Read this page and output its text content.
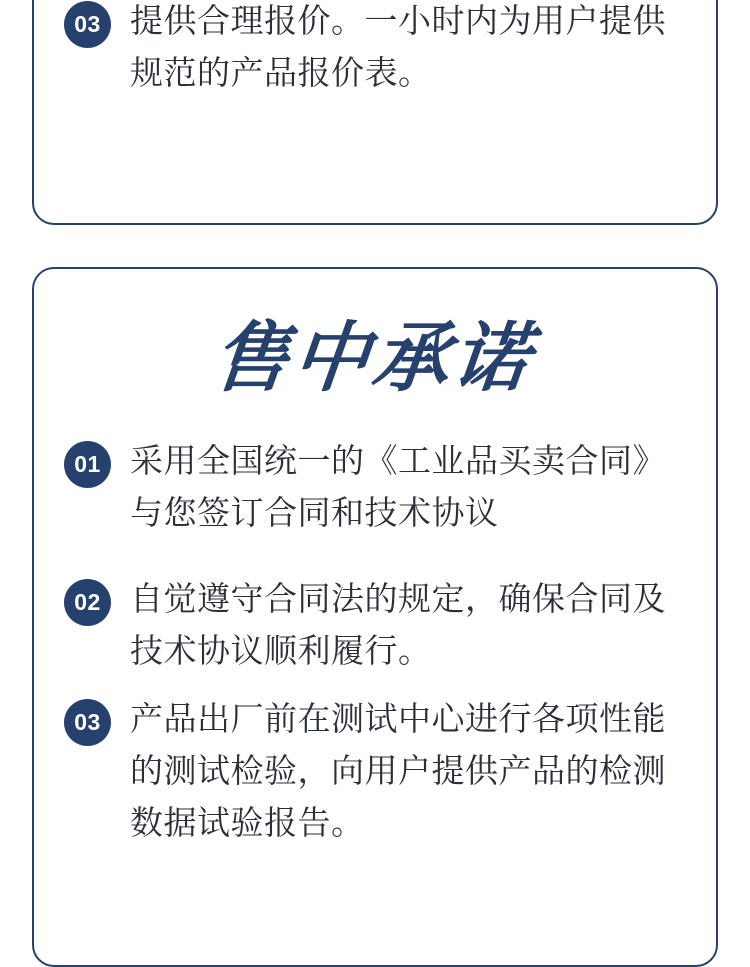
03 提供合理报价。一小时内为用户提供规范的产品报价表。
售中承诺
01 采用全国统一的《工业品买卖合同》与您签订合同和技术协议
02 自觉遵守合同法的规定，确保合同及技术协议顺利履行。
03 产品出厂前在测试中心进行各项性能的测试检验，向用户提供产品的检测数据试验报告。
